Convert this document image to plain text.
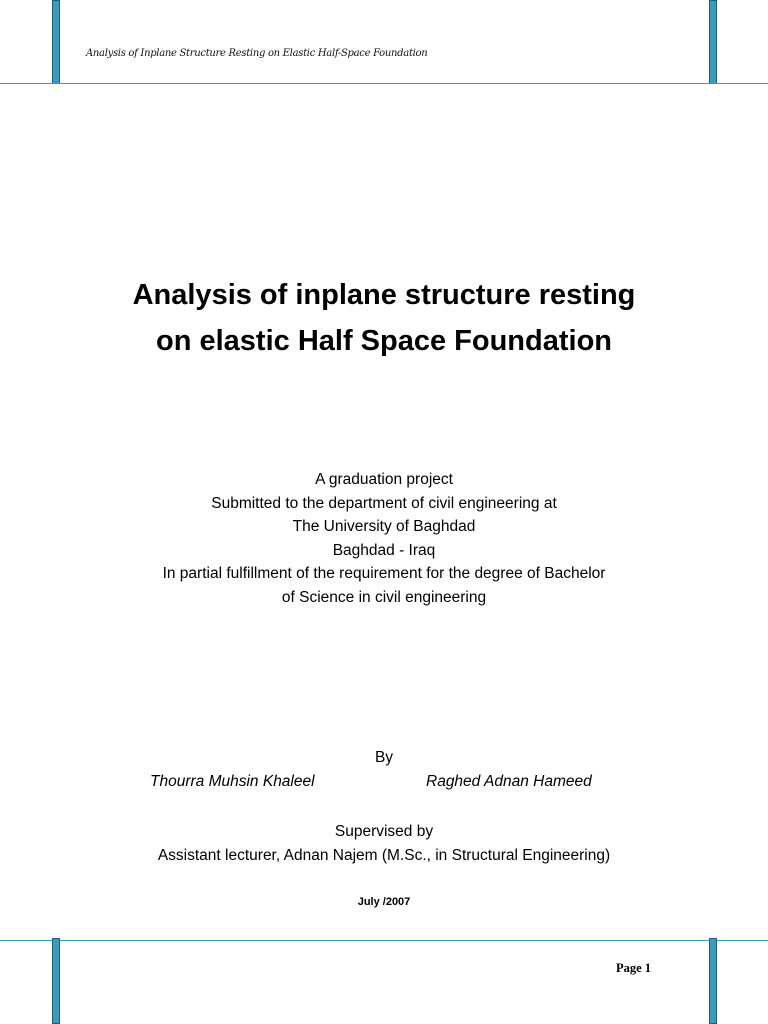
Analysis of Inplane Structure Resting on Elastic Half-Space Foundation
Analysis of inplane structure resting
on elastic Half Space Foundation
A graduation project
Submitted to the department of civil engineering at
The University of Baghdad
Baghdad - Iraq
In partial fulfillment of the requirement for the degree of Bachelor
of Science in civil engineering
By
Thourra Muhsin Khaleel	Raghed Adnan Hameed
Supervised by
Assistant lecturer, Adnan Najem (M.Sc., in Structural Engineering)
July /2007
Page 1
